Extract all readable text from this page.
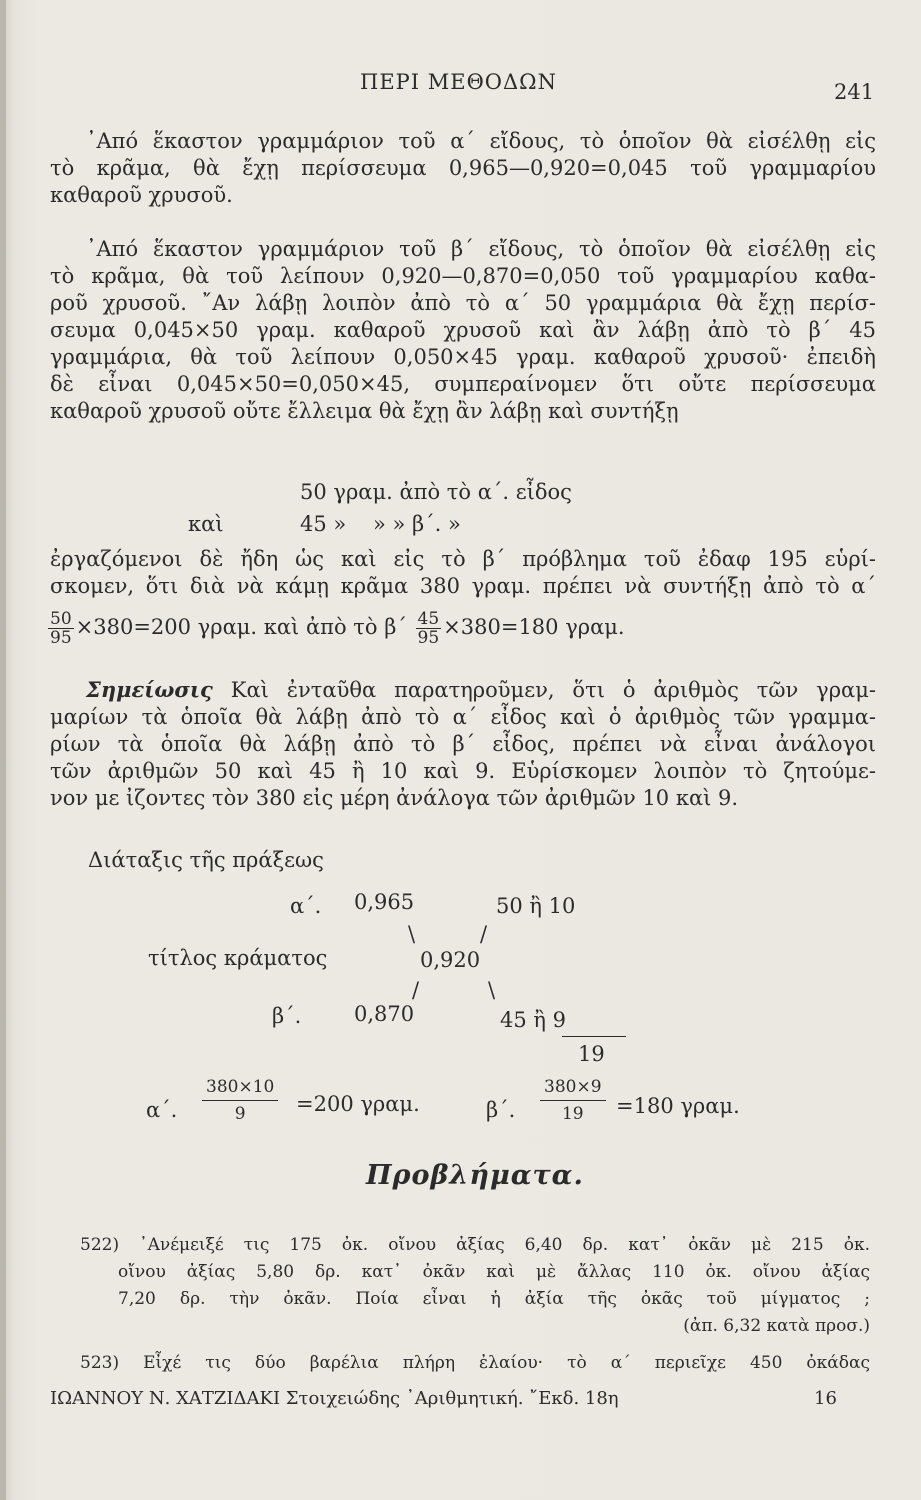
ΠΕΡΙ ΜΕΘΟΔΩΝ	241
᾿Από ἕκαστον γραμμάριον τοῦ α΄ εἴδους, τὸ ὁποῖον θὰ εἰσέλθῃ εἰς
τὸ κρᾶμα, θὰ ἔχῃ περίσσευμα 0,965—0,920=0,045 τοῦ γραμμαρίου
καθαροῦ χρυσοῦ.
᾿Από ἕκαστον γραμμάριον τοῦ β΄ εἴδους, τὸ ὁποῖον θὰ εἰσέλθῃ εἰς
τὸ κρᾶμα, θὰ τοῦ λείπουν 0,920—0,870=0,050 τοῦ γραμμαρίου καθα-
ροῦ χρυσοῦ. ῎Αν λάβῃ λοιπὸν ἀπὸ τὸ α΄ 50 γραμμάρια θὰ ἔχῃ περίσ-
σευμα 0,045×50 γραμ. καθαροῦ χρυσοῦ καὶ ἂν λάβῃ ἀπὸ τὸ β΄ 45
γραμμάρια, θὰ τοῦ λείπουν 0,050×45 γραμ. καθαροῦ χρυσοῦ· ἐπειδὴ
δὲ εἶναι 0,045×50=0,050×45, συμπεραίνομεν ὅτι οὔτε περίσσευμα
καθαροῦ χρυσοῦ οὔτε ἔλλειμα θὰ ἔχῃ ἂν λάβῃ καὶ συντήξῃ
50 γραμ. ἀπὸ τὸ α΄. εἶδος
καὶ	45 »    » » β΄. »
ἐργαζόμενοι δὲ ἤδη ὡς καὶ εἰς τὸ β΄ πρόβλημα τοῦ ἐδαφ 195 εὑρί-
σκομεν, ὅτι διὰ νὰ κάμῃ κρᾶμα 380 γραμ. πρέπει νὰ συντήξῃ ἀπὸ τὸ α΄
$\frac{50}{95} \times 380=200$ γραμ. καὶ ἀπὸ τὸ $\beta΄ \frac{45}{95} \times 380=180$ γραμ.
Σημείωσις Καὶ ἐνταῦθα παρατηροῦμεν, ὅτι ὁ ἀριθμὸς τῶν γραμ-
μαρίων τὰ ὁποῖα θὰ λάβῃ ἀπὸ τὸ α΄ εἶδος καὶ ὁ ἀριθμὸς τῶν γραμμα-
ρίων τὰ ὁποῖα θὰ λάβῃ ἀπὸ τὸ β΄ εἶδος, πρέπει νὰ εἶναι ἀνάλογοι
τῶν ἀριθμῶν 50 καὶ 45 ἢ 10 καὶ 9. Εὑρίσκομεν λοιπὸν τὸ ζητούμε-
νον με ἰζοντες τὸν 380 εἰς μέρη ἀνάλογα τῶν ἀριθμῶν 10 καὶ 9.
Διάταξις τῆς πράξεως
α΄. 0,965	50 ἢ 10
\	/
τίτλος κράματος	0,920
/	\
β΄.	0,870	45 ἢ 9
19
α΄. $\frac{380\times 10}{9} =200$ γραμ.	β΄. $\frac{380\times 9}{19} =180$ γραμ.
Προβλήματα.
522) ᾿Ανέμειξέ τις 175 ὀκ. οἴνου ἀξίας 6,40 δρ. κατ᾿ ὀκᾶν μὲ 215 ὀκ.
οἴνου ἀξίας 5,80 δρ. κατ᾿ ὀκᾶν καὶ μὲ ἄλλας 110 ὀκ. οἴνου ἀξίας
7,20 δρ. τὴν ὀκᾶν. Ποία εἶναι ἡ ἀξία τῆς ὀκᾶς τοῦ μίγματος ;
(ἀπ. 6,32 κατὰ προσ.)
523) Εἶχέ τις δύο βαρέλια πλήρη ἐλαίου· τὸ α΄ περιεῖχε 450 ὀκάδας
ΙΩΑΝΝΟΥ Ν. ΧΑΤΖΙΔΑΚΙ Στοιχειώδης ᾿Αριθμητική. ῎Εκδ. 18η	16
